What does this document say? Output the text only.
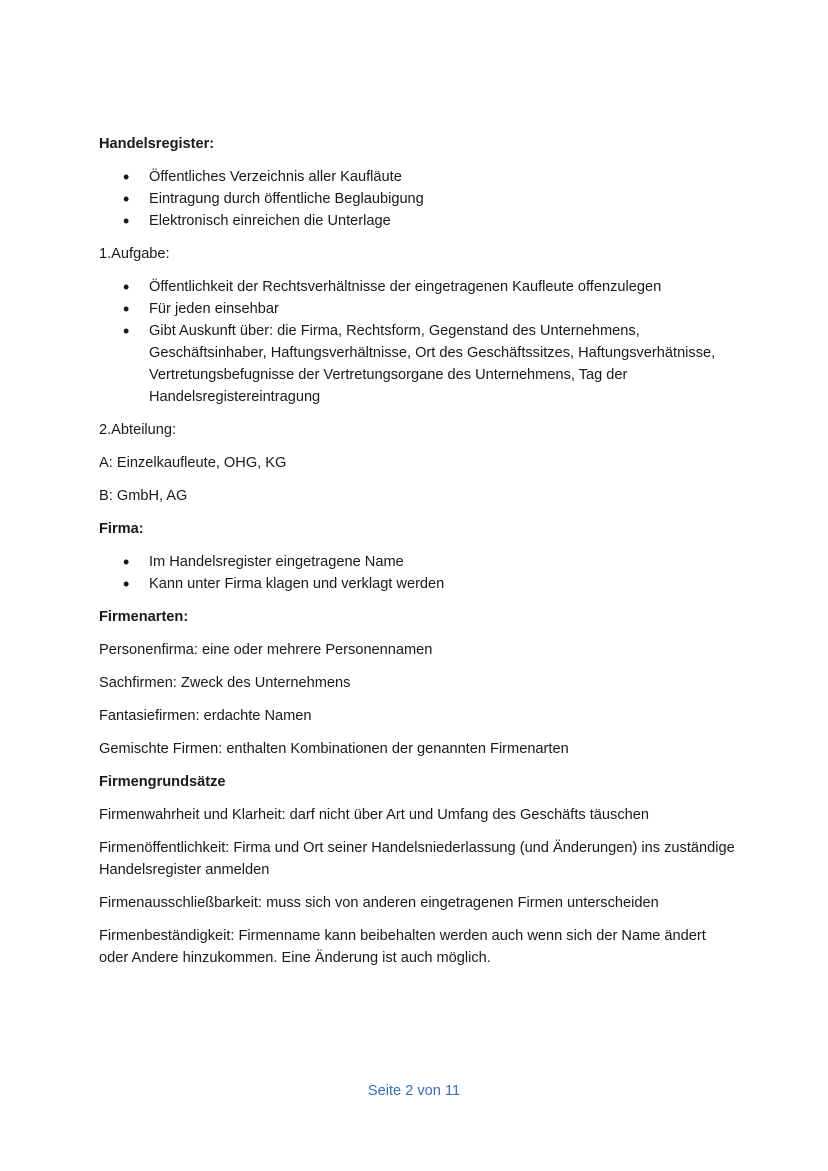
Handelsregister:

• Öffentliches Verzeichnis aller Kaufläute
• Eintragung durch öffentliche Beglaubigung
• Elektronisch einreichen die Unterlage

1.Aufgabe:

• Öffentlichkeit der Rechtsverhältnisse der eingetragenen Kaufleute offenzulegen
• Für jeden einsehbar
• Gibt Auskunft über: die Firma, Rechtsform, Gegenstand des Unternehmens, Geschäftsinhaber, Haftungsverhältnisse, Ort des Geschäftssitzes, Haftungsverhätnisse, Vertretungsbefugnisse der Vertretungsorgane des Unternehmens, Tag der Handelsregistereintragung

2.Abteilung:

A: Einzelkaufleute, OHG, KG

B: GmbH, AG

Firma:

• Im Handelsregister eingetragene Name
• Kann unter Firma klagen und verklagt werden

Firmenarten:

Personenfirma: eine oder mehrere Personennamen

Sachfirmen: Zweck des Unternehmens

Fantasiefirmen: erdachte Namen

Gemischte Firmen: enthalten Kombinationen der genannten Firmenarten

Firmengrundsätze

Firmenwahrheit und Klarheit: darf nicht über Art und Umfang des Geschäfts täuschen

Firmenöffentlichkeit: Firma und Ort seiner Handelsniederlassung (und Änderungen) ins zuständige Handelsregister anmelden

Firmenausschließbarkeit: muss sich von anderen eingetragenen Firmen unterscheiden

Firmenbeständigkeit: Firmenname kann beibehalten werden auch wenn sich der Name ändert oder Andere hinzukommen. Eine Änderung ist auch möglich.

Seite 2 von 11
